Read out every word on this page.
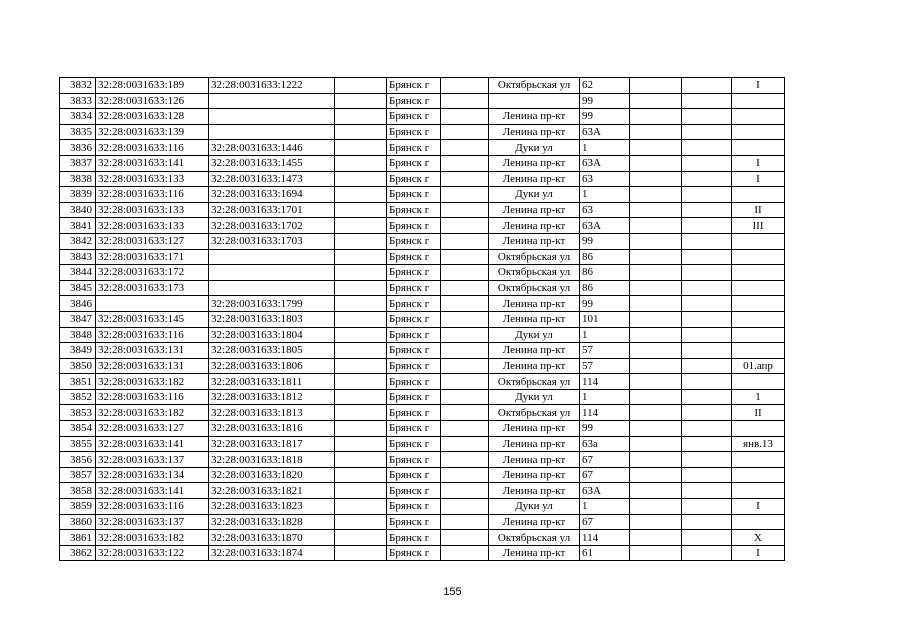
3832	32:28:0031633:189	32:28:0031633:1222		Брянск г		Октябрьская ул	62			I
3833	32:28:0031633:126			Брянск г			99			
3834	32:28:0031633:128			Брянск г		Ленина пр-кт	99			
3835	32:28:0031633:139			Брянск г		Ленина пр-кт	63А			
3836	32:28:0031633:116	32:28:0031633:1446		Брянск г		Дуки ул	1			
3837	32:28:0031633:141	32:28:0031633:1455		Брянск г		Ленина пр-кт	63А			I
3838	32:28:0031633:133	32:28:0031633:1473		Брянск г		Ленина пр-кт	63			I
3839	32:28:0031633:116	32:28:0031633:1694		Брянск г		Дуки ул	1			
3840	32:28:0031633:133	32:28:0031633:1701		Брянск г		Ленина пр-кт	63			II
3841	32:28:0031633:133	32:28:0031633:1702		Брянск г		Ленина пр-кт	63А			III
3842	32:28:0031633:127	32:28:0031633:1703		Брянск г		Ленина пр-кт	99			
3843	32:28:0031633:171			Брянск г		Октябрьская ул	86			
3844	32:28:0031633:172			Брянск г		Октябрьская ул	86			
3845	32:28:0031633:173			Брянск г		Октябрьская ул	86			
3846		32:28:0031633:1799		Брянск г		Ленина пр-кт	99			
3847	32:28:0031633:145	32:28:0031633:1803		Брянск г		Ленина пр-кт	101			
3848	32:28:0031633:116	32:28:0031633:1804		Брянск г		Дуки ул	1			
3849	32:28:0031633:131	32:28:0031633:1805		Брянск г		Ленина пр-кт	57			
3850	32:28:0031633:131	32:28:0031633:1806		Брянск г		Ленина пр-кт	57			01.апр
3851	32:28:0031633:182	32:28:0031633:1811		Брянск г		Октябрьская ул	114			
3852	32:28:0031633:116	32:28:0031633:1812		Брянск г		Дуки ул	1			1
3853	32:28:0031633:182	32:28:0031633:1813		Брянск г		Октябрьская ул	114			II
3854	32:28:0031633:127	32:28:0031633:1816		Брянск г		Ленина пр-кт	99			
3855	32:28:0031633:141	32:28:0031633:1817		Брянск г		Ленина пр-кт	63а			янв.13
3856	32:28:0031633:137	32:28:0031633:1818		Брянск г		Ленина пр-кт	67			
3857	32:28:0031633:134	32:28:0031633:1820		Брянск г		Ленина пр-кт	67			
3858	32:28:0031633:141	32:28:0031633:1821		Брянск г		Ленина пр-кт	63А			
3859	32:28:0031633:116	32:28:0031633:1823		Брянск г		Дуки ул	1			I
3860	32:28:0031633:137	32:28:0031633:1828		Брянск г		Ленина пр-кт	67			
3861	32:28:0031633:182	32:28:0031633:1870		Брянск г		Октябрьская ул	114			X
3862	32:28:0031633:122	32:28:0031633:1874		Брянск г		Ленина пр-кт	61			I
155
